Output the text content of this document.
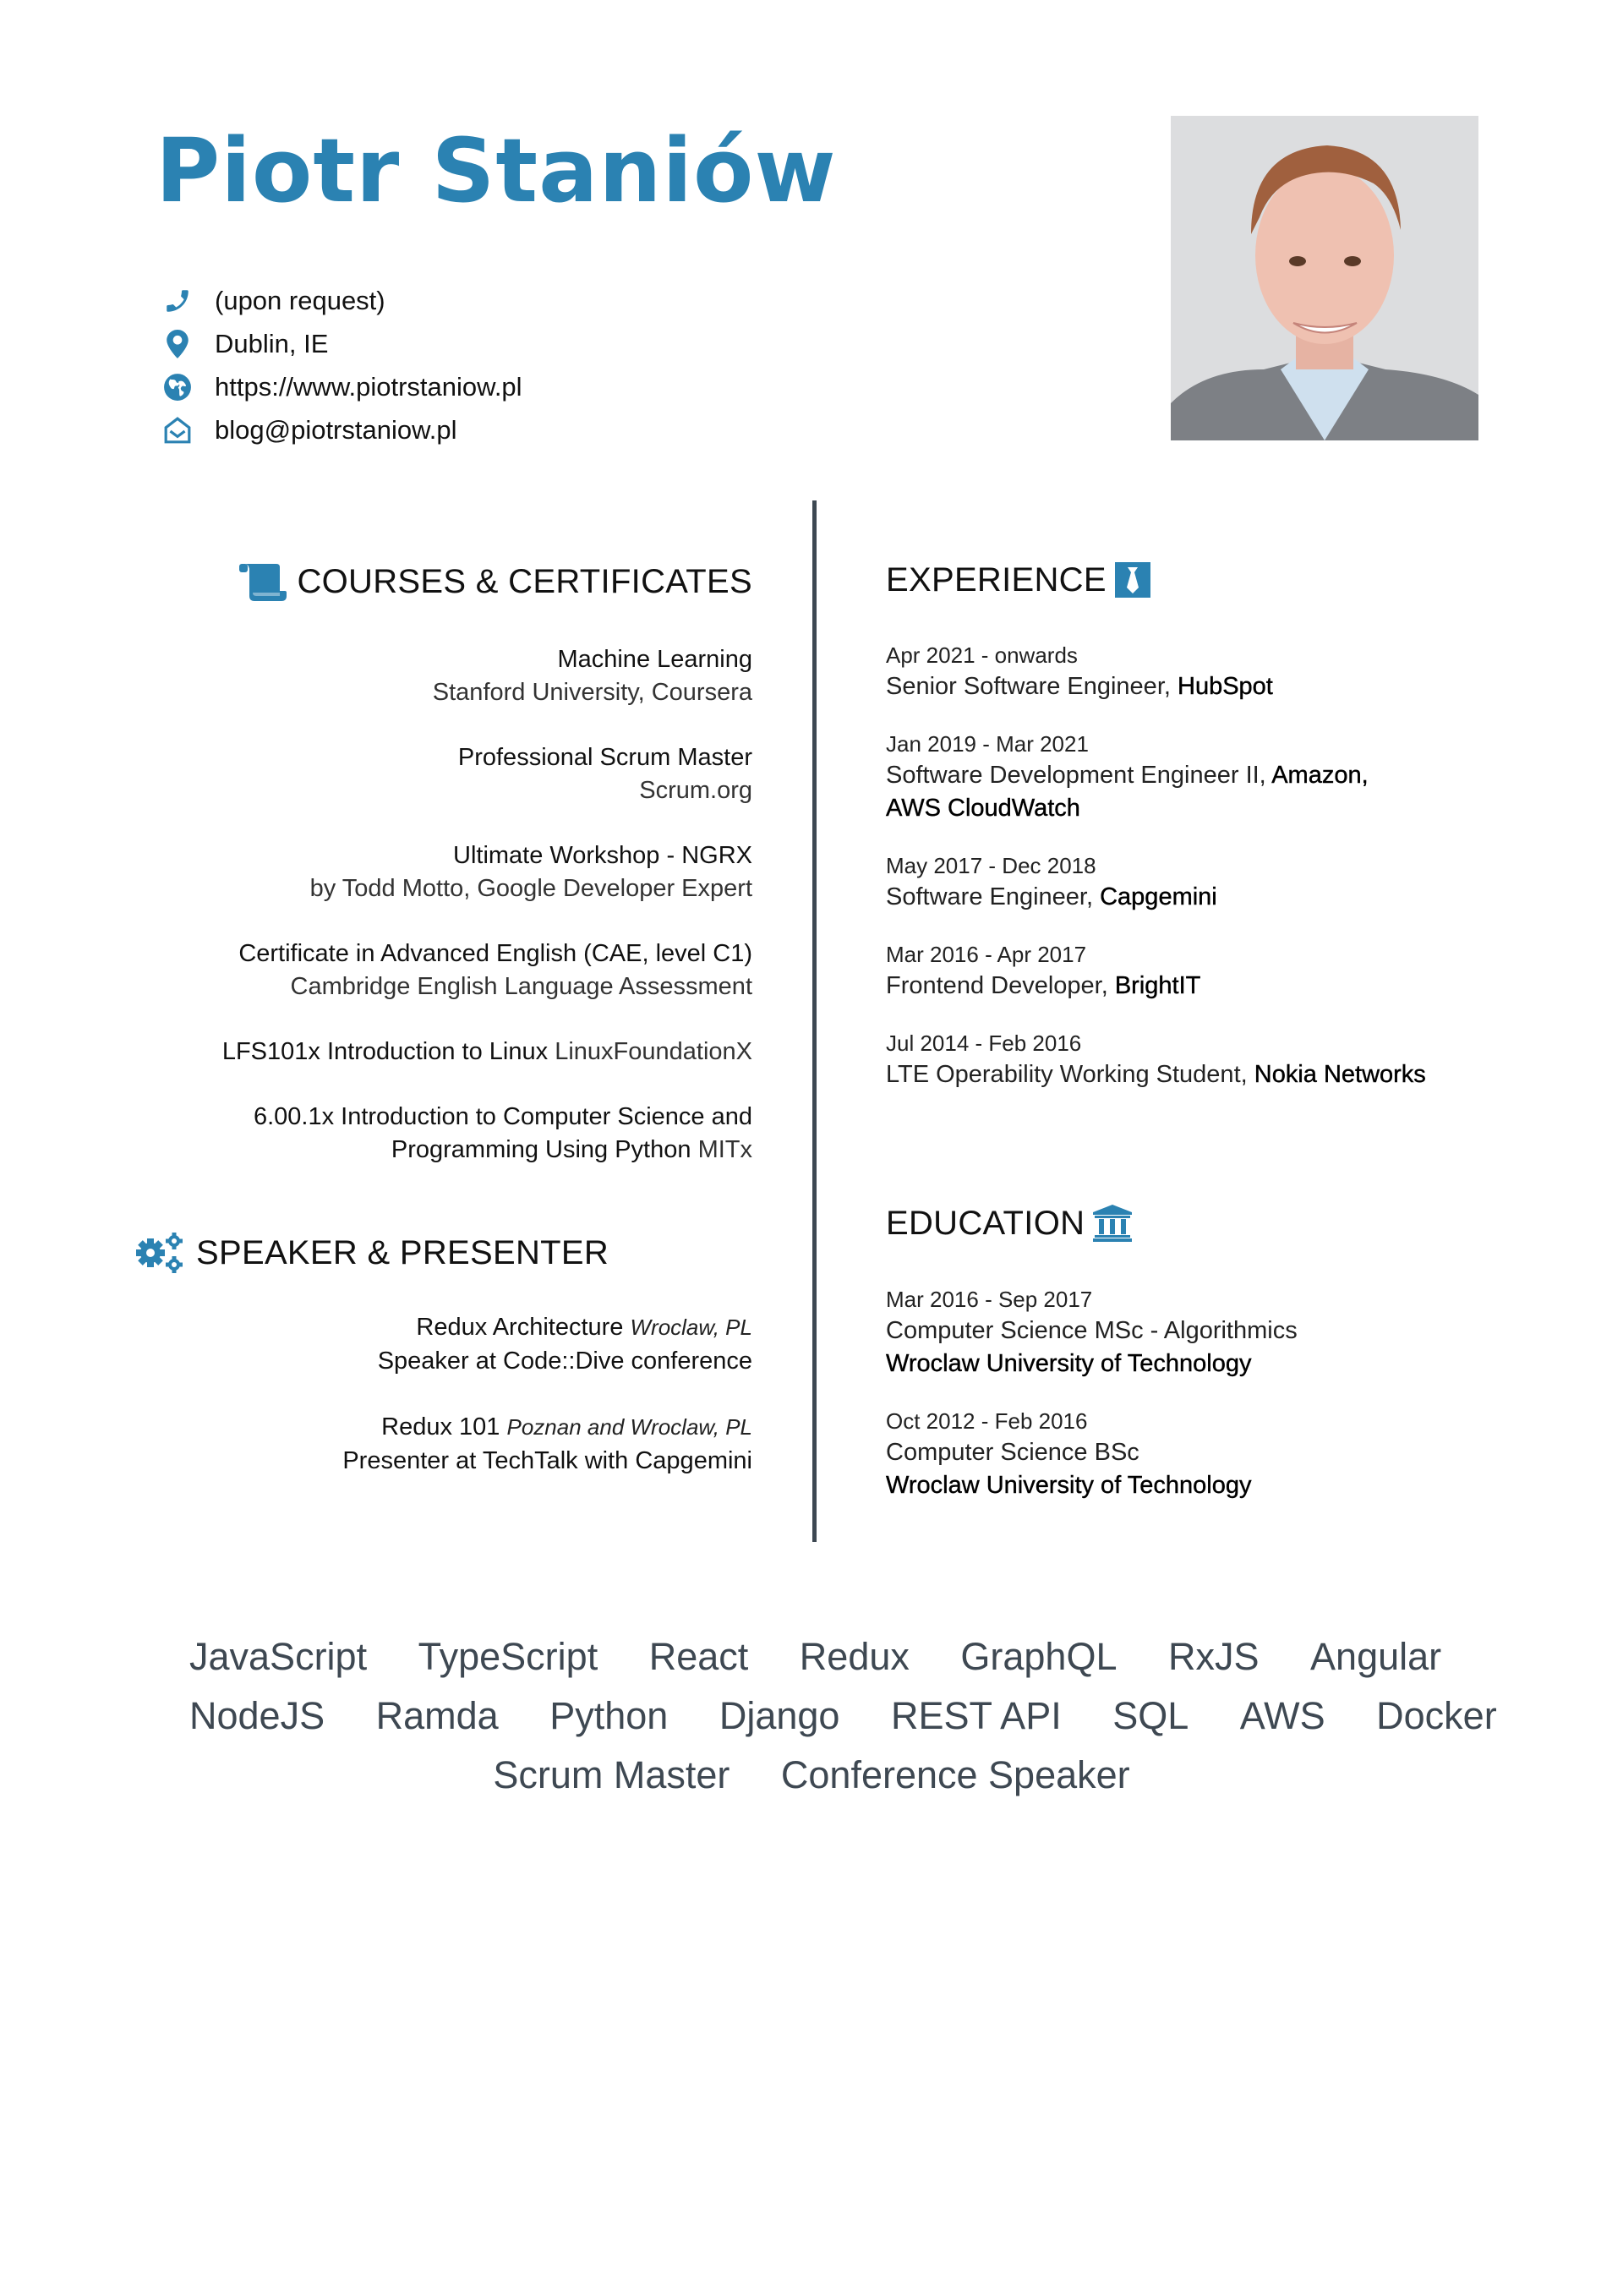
Piotr Staniów
(upon request)
Dublin, IE
https://www.piotrstaniow.pl
blog@piotrstaniow.pl
COURSES & CERTIFICATES
Machine Learning
Stanford University, Coursera
Professional Scrum Master
Scrum.org
Ultimate Workshop - NGRX
by Todd Motto, Google Developer Expert
Certificate in Advanced English (CAE, level C1)
Cambridge English Language Assessment
LFS101x Introduction to Linux LinuxFoundationX
6.00.1x Introduction to Computer Science and
Programming Using Python MITx
SPEAKER & PRESENTER
Redux Architecture Wroclaw, PL
Speaker at Code::Dive conference
Redux 101 Poznan and Wroclaw, PL
Presenter at TechTalk with Capgemini
EXPERIENCE
Apr 2021 - onwards
Senior Software Engineer, HubSpot
Jan 2019 - Mar 2021
Software Development Engineer II, Amazon,
AWS CloudWatch
May 2017 - Dec 2018
Software Engineer, Capgemini
Mar 2016 - Apr 2017
Frontend Developer, BrightIT
Jul 2014 - Feb 2016
LTE Operability Working Student, Nokia Networks
EDUCATION
Mar 2016 - Sep 2017
Computer Science MSc - Algorithmics
Wroclaw University of Technology
Oct 2012 - Feb 2016
Computer Science BSc
Wroclaw University of Technology
JavaScript TypeScript React Redux GraphQL RxJS Angular
NodeJS Ramda Python Django REST API SQL AWS Docker
Scrum Master Conference Speaker
